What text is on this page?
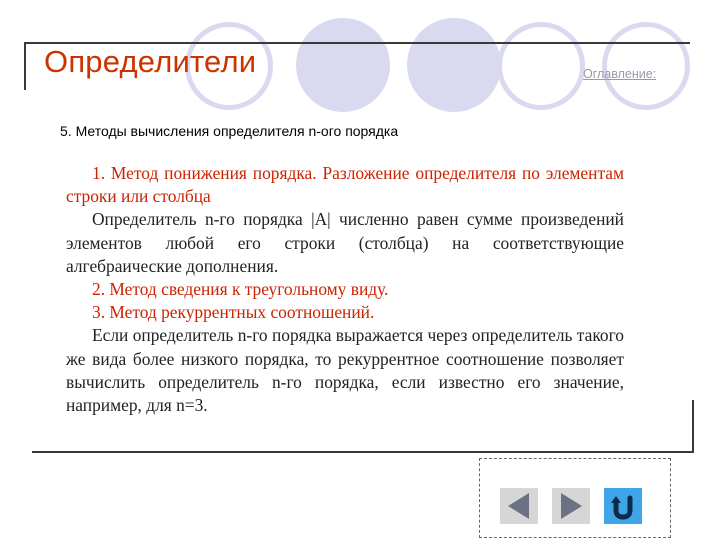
Определители	Оглавление:
5. Методы вычисления определителя n-ого порядка

1. Метод понижения порядка. Разложение определителя по элементам строки или столбца

Определитель n-го порядка |A| численно равен сумме произведений элементов любой его строки (столбца) на соответствующие алгебраические дополнения.

2. Метод сведения к треугольному виду.

3. Метод рекуррентных соотношений.

Если определитель n-го порядка выражается через определитель такого же вида более низкого порядка, то рекуррентное соотношение позволяет вычислить определитель n-го порядка, если известно его значение, например, для n=3.
